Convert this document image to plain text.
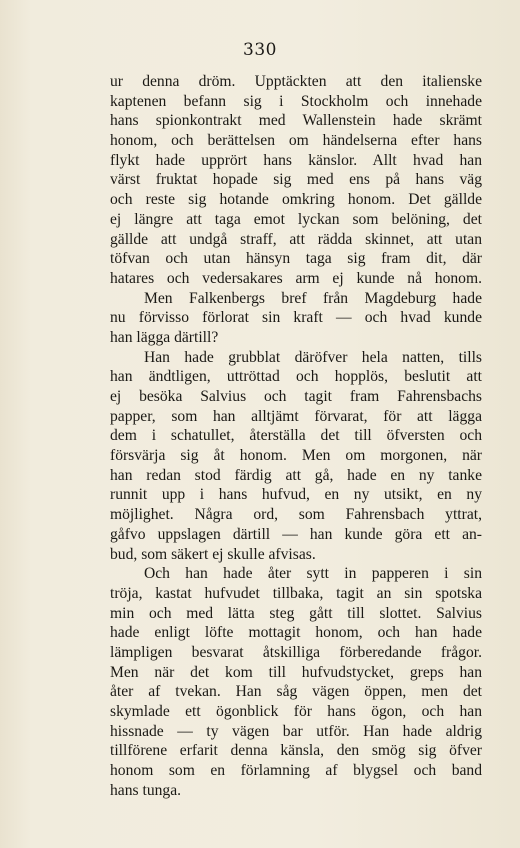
330
ur denna dröm. Upptäckten att den italienske
kaptenen befann sig i Stockholm och innehade
hans spionkontrakt med Wallenstein hade skrämt
honom, och berättelsen om händelserna efter hans
flykt hade upprört hans känslor. Allt hvad han
värst fruktat hopade sig med ens på hans väg
och reste sig hotande omkring honom. Det gällde
ej längre att taga emot lyckan som belöning, det
gällde att undgå straff, att rädda skinnet, att utan
töfvan och utan hänsyn taga sig fram dit, där
hatares och vedersakares arm ej kunde nå honom.
Men Falkenbergs bref från Magdeburg hade
nu förvisso förlorat sin kraft — och hvad kunde
han lägga därtill?
Han hade grubblat däröfver hela natten, tills
han ändtligen, uttröttad och hopplös, beslutit att
ej besöka Salvius och tagit fram Fahrensbachs
papper, som han alltjämt förvarat, för att lägga
dem i schatullet, återställa det till öfversten och
försvärja sig åt honom. Men om morgonen, när
han redan stod färdig att gå, hade en ny tanke
runnit upp i hans hufvud, en ny utsikt, en ny
möjlighet. Några ord, som Fahrensbach yttrat,
gåfvo uppslagen därtill — han kunde göra ett an-
bud, som säkert ej skulle afvisas.
Och han hade åter sytt in papperen i sin
tröja, kastat hufvudet tillbaka, tagit an sin spotska
min och med lätta steg gått till slottet. Salvius
hade enligt löfte mottagit honom, och han hade
lämpligen besvarat åtskilliga förberedande frågor.
Men när det kom till hufvudstycket, greps han
åter af tvekan. Han såg vägen öppen, men det
skymlade ett ögonblick för hans ögon, och han
hissnade — ty vägen bar utför. Han hade aldrig
tillförene erfarit denna känsla, den smög sig öfver
honom som en förlamning af blygsel och band
hans tunga.
